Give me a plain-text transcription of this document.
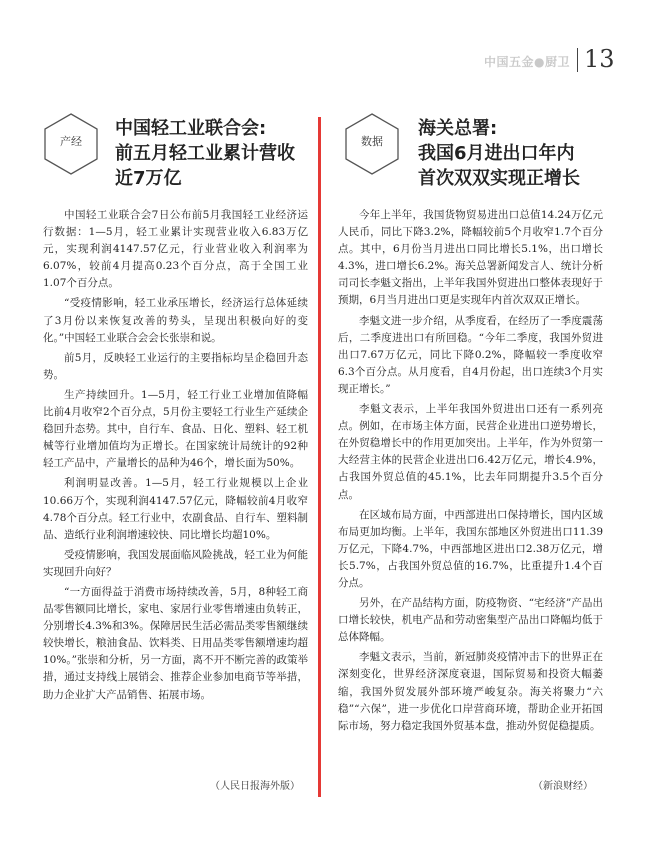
中国五金●厨卫 13
产经
中国轻工业联合会:
前五月轻工业累计营收
近7万亿

中国轻工业联合会7日公布前5月我国轻工业经济运行数据：1—5月，轻工业累计实现营业收入6.83万亿元，实现利润4147.57亿元，行业营业收入利润率为6.07%，较前4月提高0.23个百分点，高于全国工业1.07个百分点。

“受疫情影响，轻工业承压增长，经济运行总体延续了3月份以来恢复改善的势头，呈现出积极向好的变化。”中国轻工业联合会会长张崇和说。

前5月，反映轻工业运行的主要指标均呈企稳回升态势。

生产持续回升。1—5月，轻工行业工业增加值降幅比前4月收窄2个百分点，5月份主要轻工行业生产延续企稳回升态势。其中，自行车、食品、日化、塑料、轻工机械等行业增加值均为正增长。在国家统计局统计的92种轻工产品中，产量增长的品种为46个，增长面为50%。

利润明显改善。1—5月，轻工行业规模以上企业10.66万个，实现利润4147.57亿元，降幅较前4月收窄4.78个百分点。轻工行业中，农副食品、自行车、塑料制品、造纸行业利润增速较快、同比增长均超10%。

受疫情影响，我国发展面临风险挑战，轻工业为何能实现回升向好？

“一方面得益于消费市场持续改善，5月，8种轻工商品零售额同比增长，家电、家居行业零售增速由负转正，分别增长4.3%和3%。保障居民生活必需品类零售额继续较快增长，粮油食品、饮料类、日用品类零售额增速均超10%。”张崇和分析，另一方面，离不开不断完善的政策举措，通过支持线上展销会、推荐企业参加电商节等举措，助力企业扩大产品销售、拓展市场。

（人民日报海外版）
数据
海关总署:
我国6月进出口年内
首次双双实现正增长

今年上半年，我国货物贸易进出口总值14.24万亿元人民币，同比下降3.2%，降幅较前5个月收窄1.7个百分点。其中，6月份当月进出口同比增长5.1%，出口增长4.3%，进口增长6.2%。海关总署新闻发言人、统计分析司司长李魁文指出，上半年我国外贸进出口整体表现好于预期，6月当月进出口更是实现年内首次双双正增长。

李魁文进一步介绍，从季度看，在经历了一季度震荡后，二季度进出口有所回稳。“今年二季度，我国外贸进出口7.67万亿元，同比下降0.2%，降幅较一季度收窄6.3个百分点。从月度看，自4月份起，出口连续3个月实现正增长。”

李魁文表示，上半年我国外贸进出口还有一系列亮点。例如，在市场主体方面，民营企业进出口逆势增长，在外贸稳增长中的作用更加突出。上半年，作为外贸第一大经营主体的民营企业进出口6.42万亿元，增长4.9%，占我国外贸总值的45.1%，比去年同期提升3.5个百分点。

在区域布局方面，中西部进出口保持增长，国内区域布局更加均衡。上半年，我国东部地区外贸进出口11.39万亿元，下降4.7%，中西部地区进出口2.38万亿元，增长5.7%，占我国外贸总值的16.7%，比重提升1.4个百分点。

另外，在产品结构方面，防疫物资、“宅经济”产品出口增长较快，机电产品和劳动密集型产品出口降幅均低于总体降幅。

李魁文表示，当前，新冠肺炎疫情冲击下的世界正在深刻变化，世界经济深度衰退，国际贸易和投资大幅萎缩，我国外贸发展外部环境严峻复杂。海关将聚力“六稳”“六保”，进一步优化口岸营商环境，帮助企业开拓国际市场，努力稳定我国外贸基本盘，推动外贸促稳提质。

（新浪财经）
